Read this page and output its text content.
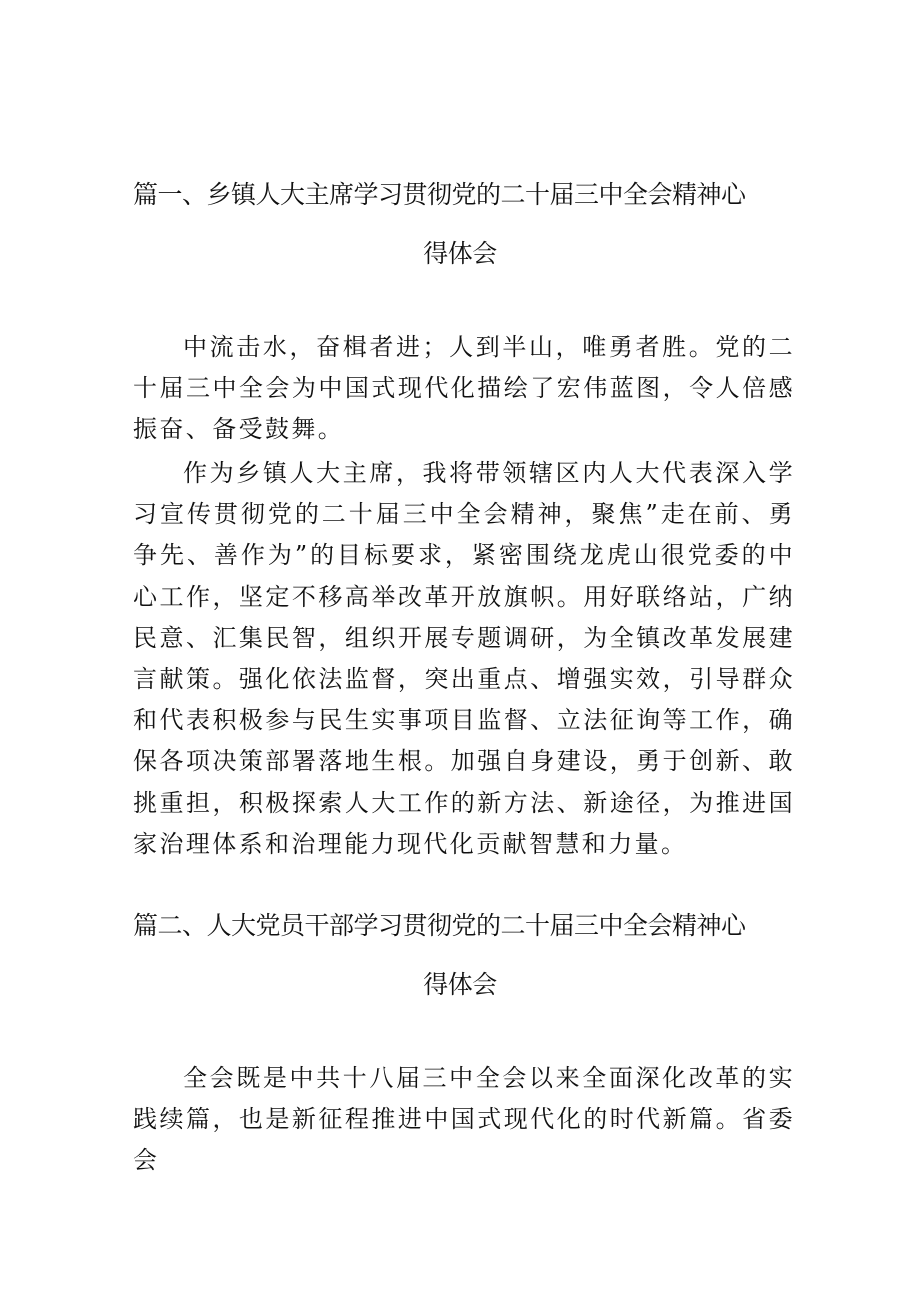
篇一、乡镇人大主席学习贯彻党的二十届三中全会精神心
得体会

中流击水，奋楫者进；人到半山，唯勇者胜。党的二十届三中全会为中国式现代化描绘了宏伟蓝图，令人倍感振奋、备受鼓舞。

作为乡镇人大主席，我将带领辖区内人大代表深入学习宣传贯彻党的二十届三中全会精神，聚焦”走在前、勇争先、善作为”的目标要求，紧密围绕龙虎山很党委的中心工作，坚定不移高举改革开放旗帜。用好联络站，广纳民意、汇集民智，组织开展专题调研，为全镇改革发展建言献策。强化依法监督，突出重点、增强实效，引导群众和代表积极参与民生实事项目监督、立法征询等工作，确保各项决策部署落地生根。加强自身建设，勇于创新、敢挑重担，积极探索人大工作的新方法、新途径，为推进国家治理体系和治理能力现代化贡献智慧和力量。

篇二、人大党员干部学习贯彻党的二十届三中全会精神心
得体会

全会既是中共十八届三中全会以来全面深化改革的实践续篇，也是新征程推进中国式现代化的时代新篇。省委会
